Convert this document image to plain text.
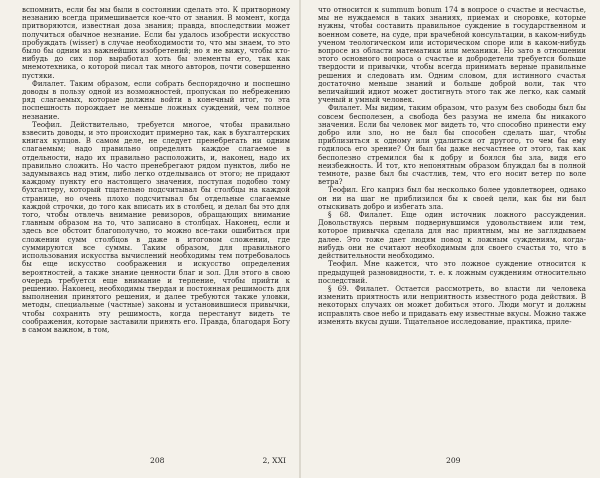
вспомнить, если бы мы были в состоянии сделать это. К притворному незнанию всегда примешивается кое-что от знания. В момент, когда притворяются, известная доза знания; правда, впоследствии может получиться обычное незнание. Если бы удалось изобрести искусство пробуждать (wisser) в случае необходимости то, что мы знаем, то это было бы одним из важнейших изобретений; но я не вижу, чтобы кто-нибудь до сих пор выработал хоть бы элементы его, так как мнемотехника, о которой писал так много авторов, почти совершенно пустяки.

Филалет. Таким образом, если собрать беспорядочно и поспешно доводы в пользу одной из возможностей, пропуская по небрежению ряд слагаемых, которые должны войти в конечный итог, то эта поспешность порождает не меньше ложных суждений, чем полное незнание.

Теофил. Действительно, требуется многое, чтобы правильно взвесить доводы, и это происходит примерно так, как в бухгалтерских книгах купцов. В самом деле, не следует пренебрегать ни одним слагаемым; надо правильно определять каждое слагаемое в отдельности, надо их правильно расположить, и, наконец, надо их правильно сложить. Но часто пренебрегают рядом пунктов, либо не задумываясь над этим, либо легко отделываясь от этого; не придают каждому пункту его настоящего значения, поступая подобно тому бухгалтеру, который тщательно подсчитывал бы столбцы на каждой странице, но очень плохо подсчитывал бы отдельные слагаемые каждой строчки, до того как вписать их в столбец, и делал бы это для того, чтобы отвлечь внимание ревизоров, обращающих внимание главным образом на то, что записано в столбцах. Наконец, если и здесь все обстоит благополучно, то можно все-таки ошибиться при сложении сумм столбцов в даже в итоговом сложении, где суммируются все суммы. Таким образом, для правильного использования искусства вычислений необходимы тем потребовалось бы еще искусство соображения и искусство определения вероятностей, а также знание ценности благ и зол. Для этого в свою очередь требуется еще внимание и терпение, чтобы прийти к решению. Наконец, необходимы твердая и постоянная решимость для выполнения принятого решения, и далее требуются также уловки, методы, специальные (частные) законы и установившиеся привычки, чтобы сохранять эту решимость, когда перестанут видеть те соображения, которые заставили принять его. Правда, благодаря Богу в самом важном, в том,

208	2, XXI

что относится к summum bonum 174 в вопросе о счастье и несчастье, мы не нуждаемся в таких знаниях, приемах и сноровке, которые нужны, чтобы составить правильное суждение в государственном и военном совете, на суде, при врачебной консультации, в каком-нибудь ученом теологическом или историческом споре или в каком-нибудь вопросе из области математики или механики. Но зато в отношении этого основного вопроса о счастье и добродетели требуется больше твердости и привычки, чтобы всегда принимать верные правильные решения и следовать им. Одним словом, для истинного счастья достаточно меньше знаний и больше доброй воли, так что величайший идиот может достигнуть этого так же легко, как самый ученый и умный человек.

Филалет. Мы видим, таким образом, что разум без свободы был бы совсем бесполезен, а свобода без разума не имела бы никакого значения. Если бы человек мог видеть то, что способно принести ему добро или зло, но не был бы способен сделать шаг, чтобы приблизиться к одному или удалиться от другого, то чем бы ему годилось его зрение? Он был бы даже несчастнее от этого, так как бесполезно стремился бы к добру и боялся бы зла, видя его неизбежность. И тот, кто непонятным образом блуждал бы в полной темноте, разве был бы счастлив, тем, что его носит ветер по воле ветра?

Теофил. Его каприз был бы несколько более удовлетворен, однако он ни на шаг не приблизился бы к своей цели, как бы ни был отыскивать добро и избегать зла.

§ 68. Филалет. Еще один источник ложного рассуждения. Довольствуясь первым подвернувшимся удовольствием или тем, которое привычка сделала для нас приятным, мы не заглядываем далее. Это тоже дает людям повод к ложным суждениям, когда-нибудь они не считают необходимым для своего счастья то, что в действительности необходимо.

Теофил. Мне кажется, что это ложное суждение относится к предыдущей разновидности, т. е. к ложным суждениям относительно последствий.

§ 69. Филалет. Остается рассмотреть, во власти ли человека изменить приятность или неприятность известного рода действия. В некоторых случаях он может добиться этого. Люди могут и должны исправлять свое небо и придавать ему известные вкусы. Можно также изменять вкусы души. Тщательное исследование, практика, приле-

209
